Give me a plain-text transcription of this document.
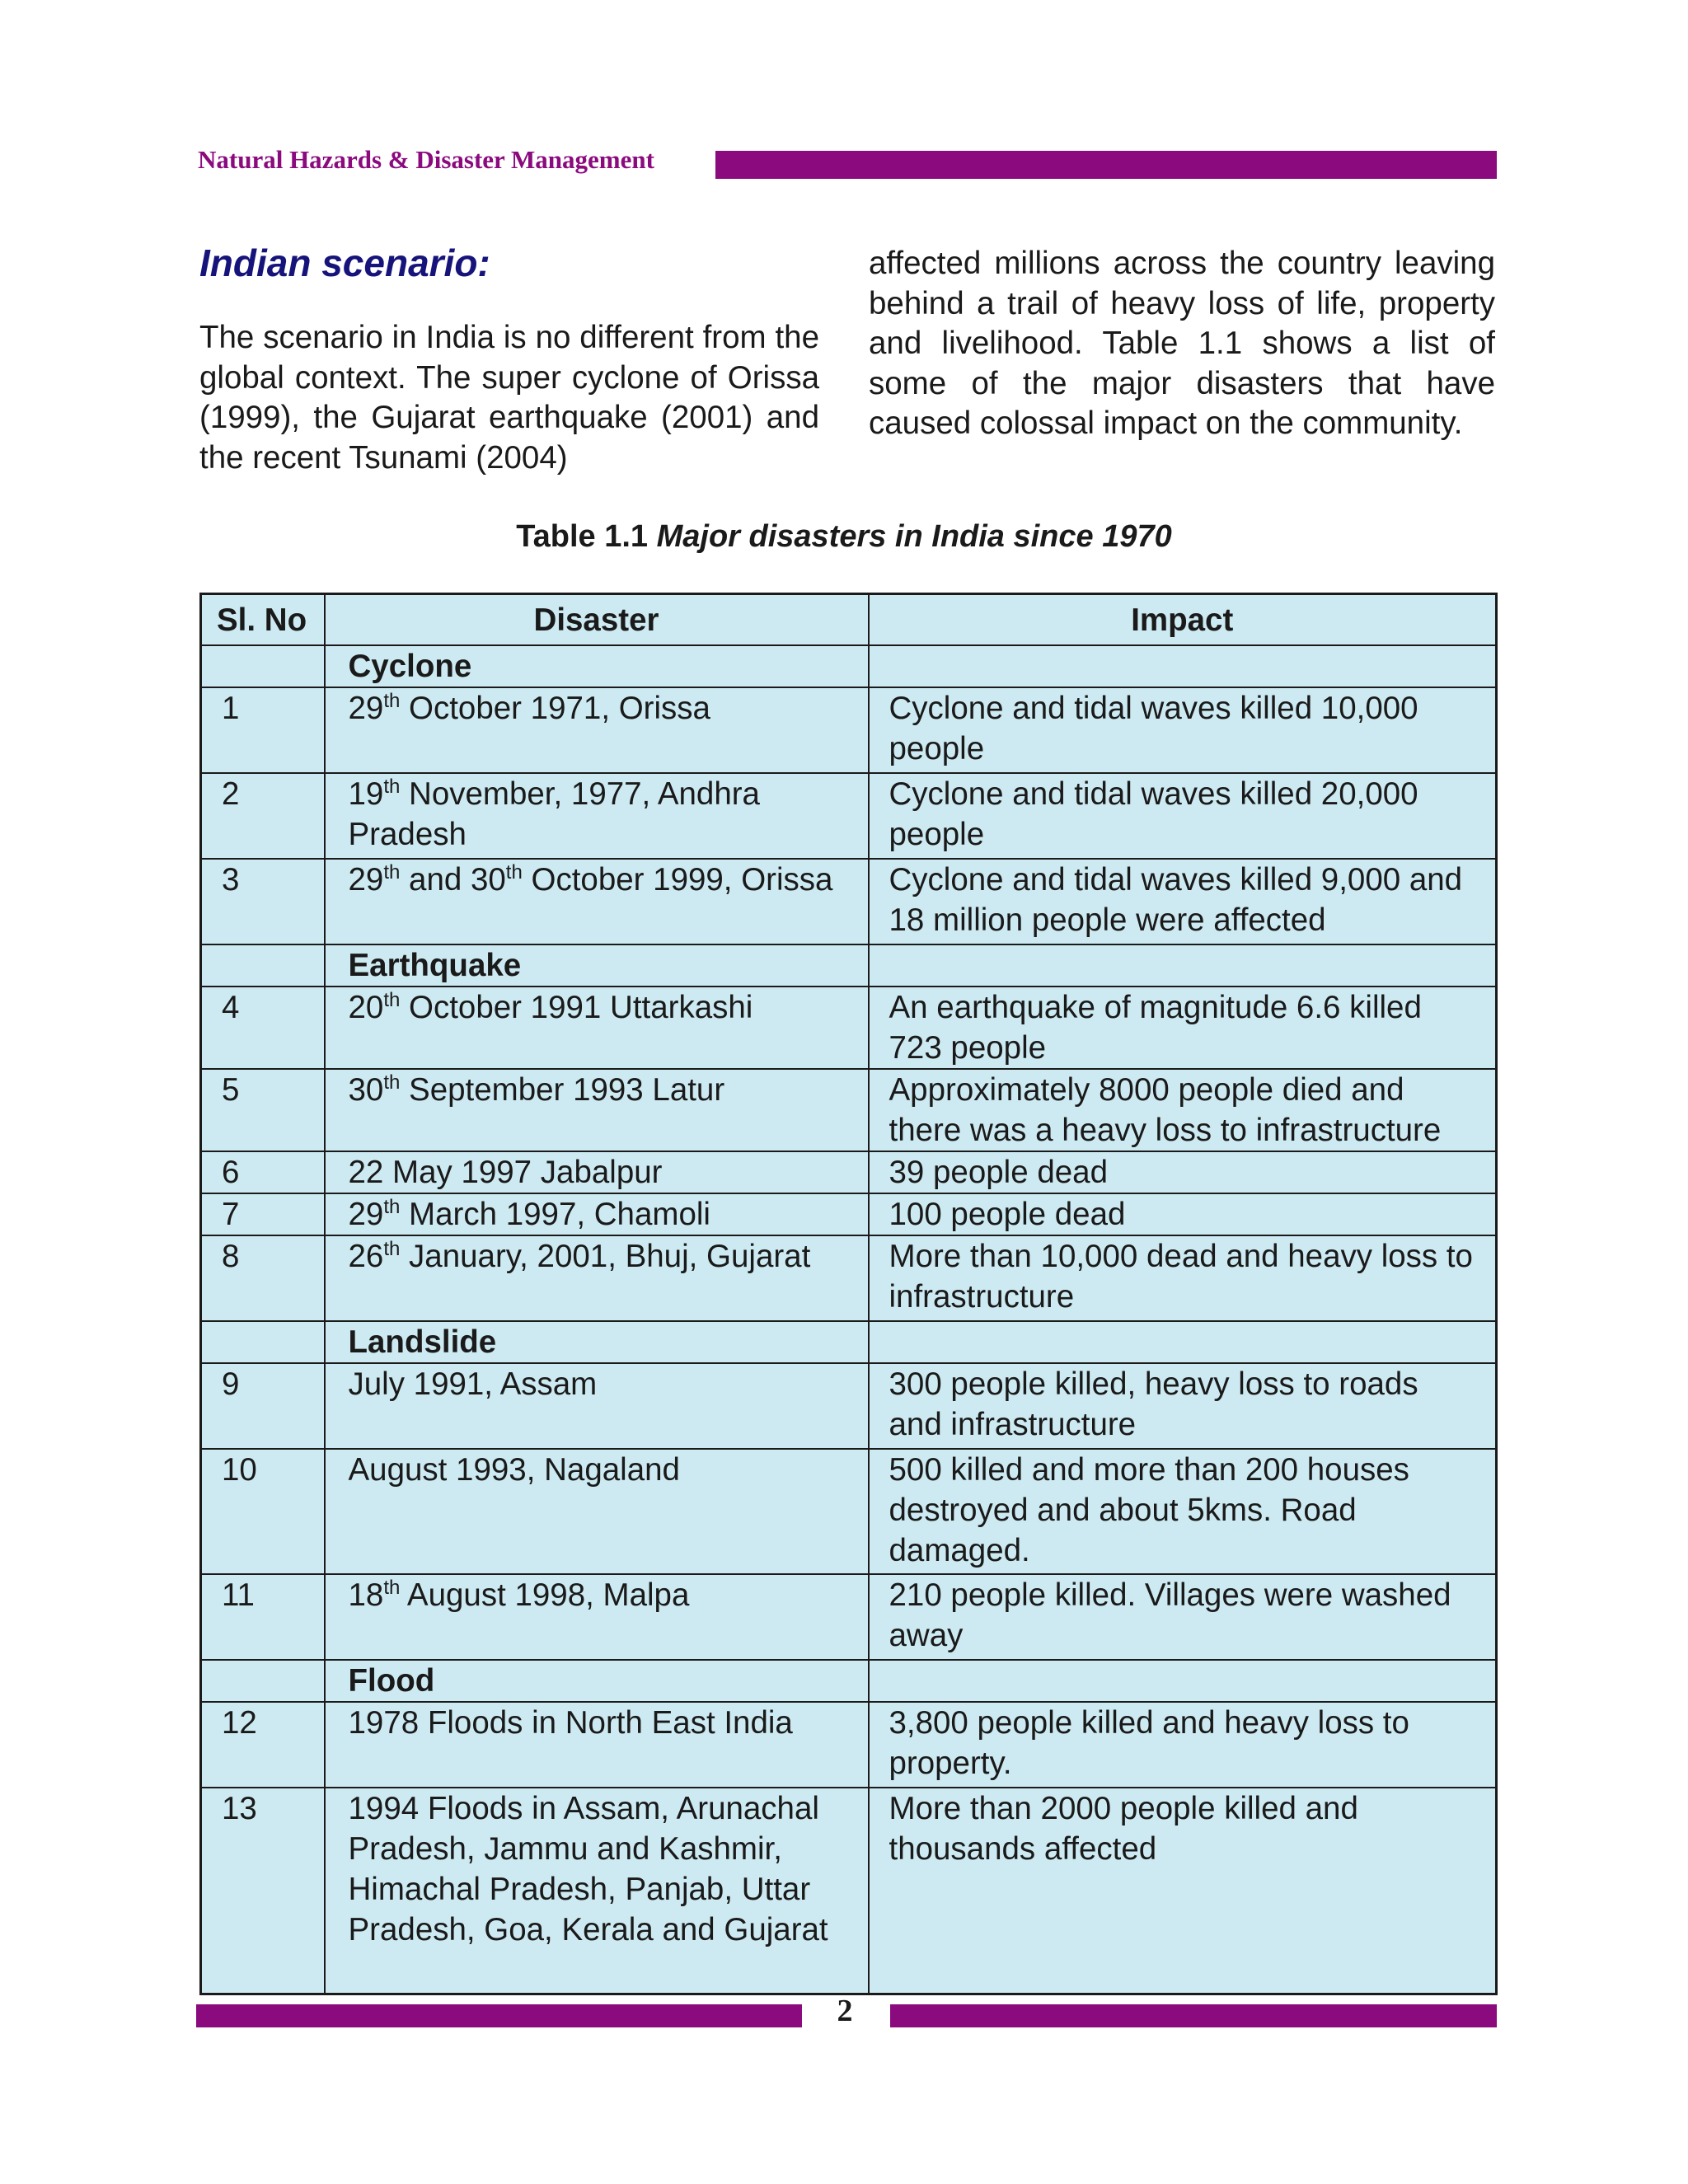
Natural Hazards & Disaster Management
Indian scenario:

The scenario in India is no different from the global context. The super cyclone of Orissa (1999), the Gujarat earthquake (2001) and the recent Tsunami (2004)

affected millions across the country leaving behind a trail of heavy loss of life, property and livelihood. Table 1.1 shows a list of some of the major disasters that have caused colossal impact on the community.

Table 1.1 Major disasters in India since 1970
Sl. No	Disaster	Impact
	Cyclone	
1	29th October 1971, Orissa	Cyclone and tidal waves killed 10,000 people
2	19th November, 1977, Andhra Pradesh	Cyclone and tidal waves killed 20,000 people
3	29th and 30th October 1999, Orissa	Cyclone and tidal waves killed 9,000 and 18 million people were affected
	Earthquake	
4	20th October 1991 Uttarkashi	An earthquake of magnitude 6.6 killed 723 people
5	30th September 1993 Latur	Approximately 8000 people died and there was a heavy loss to infrastructure
6	22 May 1997 Jabalpur	39 people dead
7	29th March 1997, Chamoli	100 people dead
8	26th January, 2001, Bhuj, Gujarat	More than 10,000 dead and heavy loss to infrastructure
	Landslide	
9	July 1991, Assam	300 people killed, heavy loss to roads and infrastructure
10	August 1993, Nagaland	500 killed and more than 200 houses destroyed and about 5kms. Road damaged.
11	18th August 1998, Malpa	210 people killed. Villages were washed away
	Flood	
12	1978 Floods in North East India	3,800 people killed and heavy loss to property.
13	1994 Floods in Assam, Arunachal Pradesh, Jammu and Kashmir, Himachal Pradesh, Panjab, Uttar Pradesh, Goa, Kerala and Gujarat	More than 2000 people killed and thousands affected
2
